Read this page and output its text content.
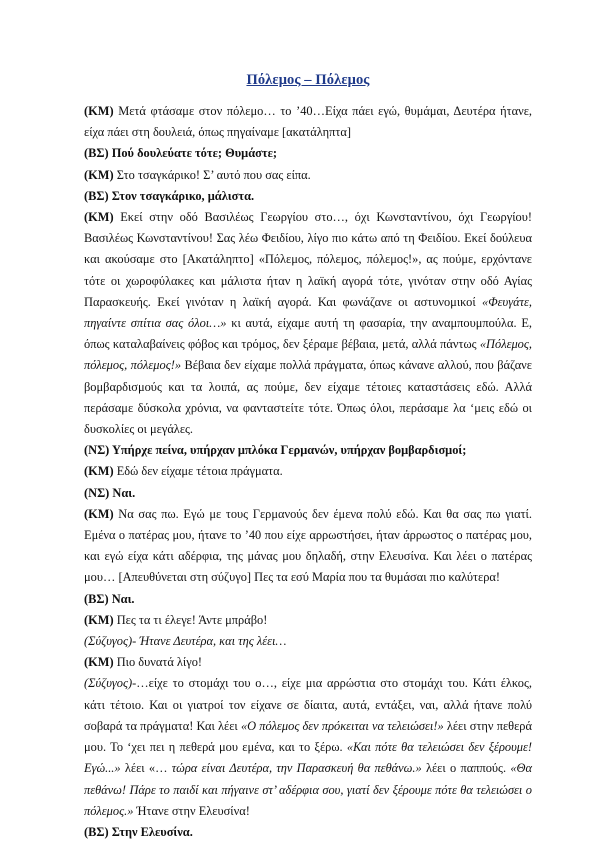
Πόλεμος – Πόλεμος

(ΚΜ) Μετά φτάσαμε στον πόλεμο… το ’40…Είχα πάει εγώ, θυμάμαι, Δευτέρα ήτανε, είχα πάει στη δουλειά, όπως πηγαίναμε [ακατάληπτα]

(ΒΣ) Πού δουλεύατε τότε; Θυμάστε;

(ΚΜ) Στο τσαγκάρικο! Σ’ αυτό που σας είπα.

(ΒΣ) Στον τσαγκάρικο, μάλιστα.

(ΚΜ) Εκεί στην οδό Βασιλέως Γεωργίου στο…, όχι Κωνσταντίνου, όχι Γεωργίου! Βασιλέως Κωνσταντίνου! Σας λέω Φειδίου, λίγο πιο κάτω από τη Φειδίου. Εκεί δούλευα και ακούσαμε στο [Ακατάληπτο] «Πόλεμος, πόλεμος, πόλεμος!», ας πούμε, ερχόντανε τότε οι χωροφύλακες και μάλιστα ήταν η λαϊκή αγορά τότε, γινόταν στην οδό Αγίας Παρασκευής. Εκεί γινόταν η λαϊκή αγορά. Και φωνάζανε οι αστυνομικοί «Φευγάτε, πηγαίντε σπίτια σας όλοι…» κι αυτά, είχαμε αυτή τη φασαρία, την αναμπουμπούλα. Ε, όπως καταλαβαίνεις φόβος και τρόμος, δεν ξέραμε βέβαια, μετά, αλλά πάντως «Πόλεμος, πόλεμος, πόλεμος!» Βέβαια δεν είχαμε πολλά πράγματα, όπως κάνανε αλλού, που βάζανε βομβαρδισμούς και τα λοιπά, ας πούμε, δεν είχαμε τέτοιες καταστάσεις εδώ. Αλλά περάσαμε δύσκολα χρόνια, να φανταστείτε τότε. Όπως όλοι, περάσαμε λα ‘μεις εδώ οι δυσκολίες οι μεγάλες.

(ΝΣ) Υπήρχε πείνα, υπήρχαν μπλόκα Γερμανών, υπήρχαν βομβαρδισμοί;

(ΚΜ) Εδώ δεν είχαμε τέτοια πράγματα.

(ΝΣ) Ναι.

(ΚΜ) Να σας πω. Εγώ με τους Γερμανούς δεν έμενα πολύ εδώ. Και θα σας πω γιατί. Εμένα ο πατέρας μου, ήτανε το ’40 που είχε αρρωστήσει, ήταν άρρωστος ο πατέρας μου, και εγώ είχα κάτι αδέρφια, της μάνας μου δηλαδή, στην Ελευσίνα. Και λέει ο πατέρας μου… [Απευθύνεται στη σύζυγο] Πες τα εσύ Μαρία που τα θυμάσαι πιο καλύτερα!

(ΒΣ) Ναι.

(ΚΜ) Πες τα τι έλεγε! Άντε μπράβο!

(Σύζυγος)- Ήτανε Δευτέρα, και της λέει…

(ΚΜ) Πιο δυνατά λίγο!

(Σύζυγος)-…είχε το στομάχι του ο…, είχε μια αρρώστια στο στομάχι του. Κάτι έλκος, κάτι τέτοιο. Και οι γιατροί τον είχανε σε δίαιτα, αυτά, εντάξει, ναι, αλλά ήτανε πολύ σοβαρά τα πράγματα! Και λέει «Ο πόλεμος δεν πρόκειται να τελειώσει!» λέει στην πεθερά μου. Το ‘χει πει η πεθερά μου εμένα, και το ξέρω. «Και πότε θα τελειώσει δεν ξέρουμε! Εγώ...» λέει «… τώρα είναι Δευτέρα, την Παρασκευή θα πεθάνω.» λέει ο παππούς. «Θα πεθάνω! Πάρε το παιδί και πήγαινε στ’ αδέρφια σου, γιατί δεν ξέρουμε πότε θα τελειώσει ο πόλεμος.» Ήτανε στην Ελευσίνα!

(ΒΣ) Στην Ελευσίνα.
